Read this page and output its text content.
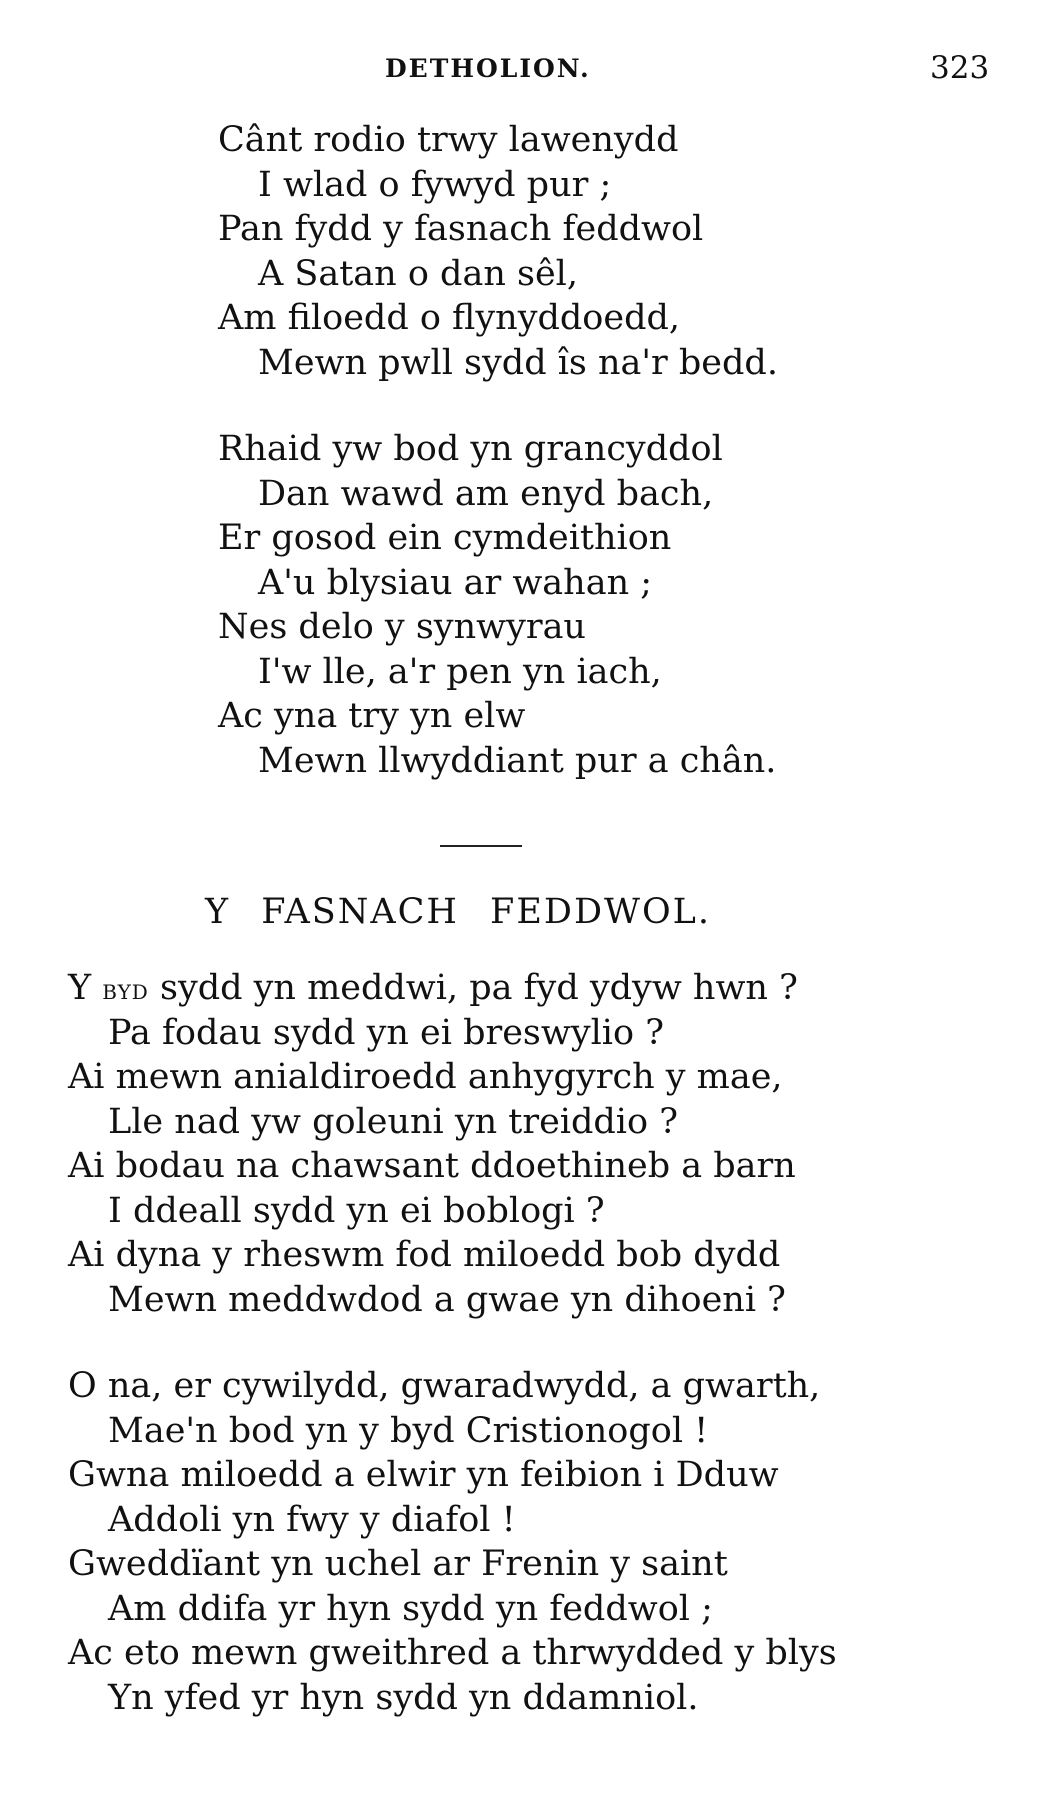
DETHOLION.	323
Cânt rodio trwy lawenydd
I wlad o fywyd pur ;
Pan fydd y fasnach feddwol
A Satan o dan sêl,
Am filoedd o flynyddoedd,
Mewn pwll sydd îs na'r bedd.
Rhaid yw bod yn grancyddol
Dan wawd am enyd bach,
Er gosod ein cymdeithion
A'u blysiau ar wahan ;
Nes delo y synwyrau
I'w lle, a'r pen yn iach,
Ac yna try yn elw
Mewn llwyddiant pur a chân.
Y FASNACH FEDDWOL.
Y byd sydd yn meddwi, pa fyd ydyw hwn ?
Pa fodau sydd yn ei breswylio ?
Ai mewn anialdiroedd anhygyrch y mae,
Lle nad yw goleuni yn treiddio ?
Ai bodau na chawsant ddoethineb a barn
I ddeall sydd yn ei boblogi ?
Ai dyna y rheswm fod miloedd bob dydd
Mewn meddwdod a gwae yn dihoeni ?
O na, er cywilydd, gwaradwydd, a gwarth,
Mae'n bod yn y byd Cristionogol !
Gwna miloedd a elwir yn feibion i Dduw
Addoli yn fwy y diafol !
Gweddïant yn uchel ar Frenin y saint
Am ddifa yr hyn sydd yn feddwol ;
Ac eto mewn gweithred a thrwydded y blys
Yn yfed yr hyn sydd yn ddamniol.
